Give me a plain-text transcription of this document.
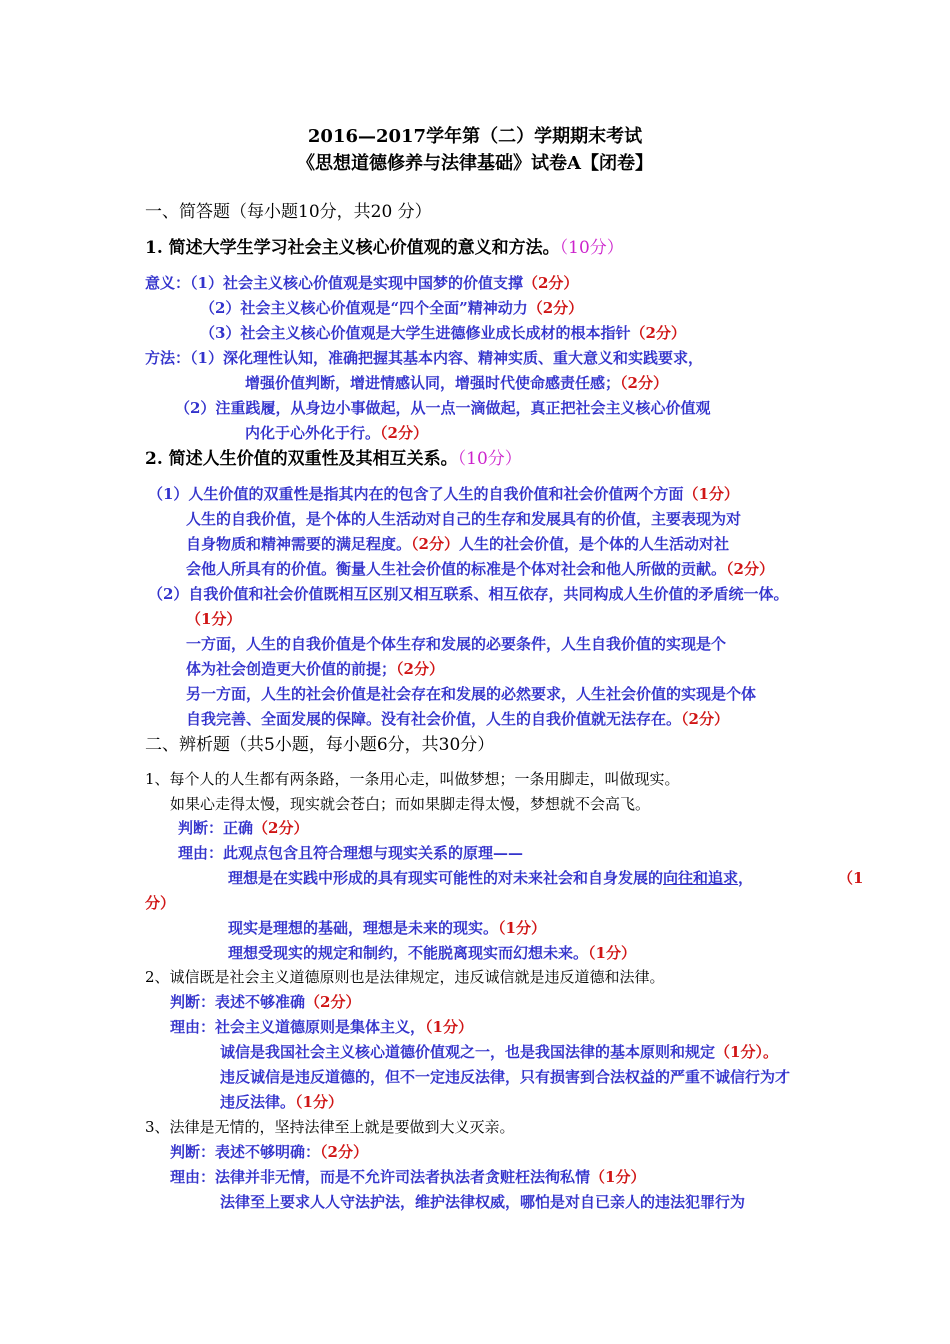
2016—2017学年第（二）学期期末考试
《思想道德修养与法律基础》试卷A【闭卷】
一、简答题（每小题10分，共20 分）
1. 简述大学生学习社会主义核心价值观的意义和方法。（10分）
意义：（1）社会主义核心价值观是实现中国梦的价值支撑（2分）
（2）社会主义核心价值观是“四个全面”精神动力（2分）
（3）社会主义核心价值观是大学生进德修业成长成材的根本指针（2分）
方法：（1）深化理性认知，准确把握其基本内容、精神实质、重大意义和实践要求，
增强价值判断，增进情感认同，增强时代使命感责任感；（2分）
（2）注重践履，从身边小事做起，从一点一滴做起，真正把社会主义核心价值观
内化于心外化于行。（2分）
2. 简述人生价值的双重性及其相互关系。（10分）
（1）人生价值的双重性是指其内在的包含了人生的自我价值和社会价值两个方面（1分）
人生的自我价值，是个体的人生活动对自己的生存和发展具有的价值，主要表现为对
自身物质和精神需要的满足程度。（2分）人生的社会价值，是个体的人生活动对社
会他人所具有的价值。衡量人生社会价值的标准是个体对社会和他人所做的贡献。（2分）
（2）自我价值和社会价值既相互区别又相互联系、相互依存，共同构成人生价值的矛盾统一体。
（1分）
一方面，人生的自我价值是个体生存和发展的必要条件，人生自我价值的实现是个
体为社会创造更大价值的前提；（2分）
另一方面，人生的社会价值是社会存在和发展的必然要求，人生社会价值的实现是个体
自我完善、全面发展的保障。没有社会价值，人生的自我价值就无法存在。（2分）
二、辨析题（共5小题，每小题6分，共30分）
1、每个人的人生都有两条路，一条用心走，叫做梦想；一条用脚走，叫做现实。
如果心走得太慢，现实就会苍白；而如果脚走得太慢，梦想就不会高飞。
判断：正确（2分）
理由：此观点包含且符合理想与现实关系的原理——
理想是在实践中形成的具有现实可能性的对未来社会和自身发展的向往和追求，	（1
分）
现实是理想的基础，理想是未来的现实。（1分）
理想受现实的规定和制约，不能脱离现实而幻想未来。（1分）
2、诚信既是社会主义道德原则也是法律规定，违反诚信就是违反道德和法律。
判断：表述不够准确（2分）
理由：社会主义道德原则是集体主义，（1分）
诚信是我国社会主义核心道德价值观之一，也是我国法律的基本原则和规定（1分）。
违反诚信是违反道德的，但不一定违反法律，只有损害到合法权益的严重不诚信行为才
违反法律。（1分）
3、法律是无情的，坚持法律至上就是要做到大义灭亲。
判断：表述不够明确：（2分）
理由：法律并非无情，而是不允许司法者执法者贪赃枉法徇私情（1分）
法律至上要求人人守法护法，维护法律权威，哪怕是对自已亲人的违法犯罪行为
